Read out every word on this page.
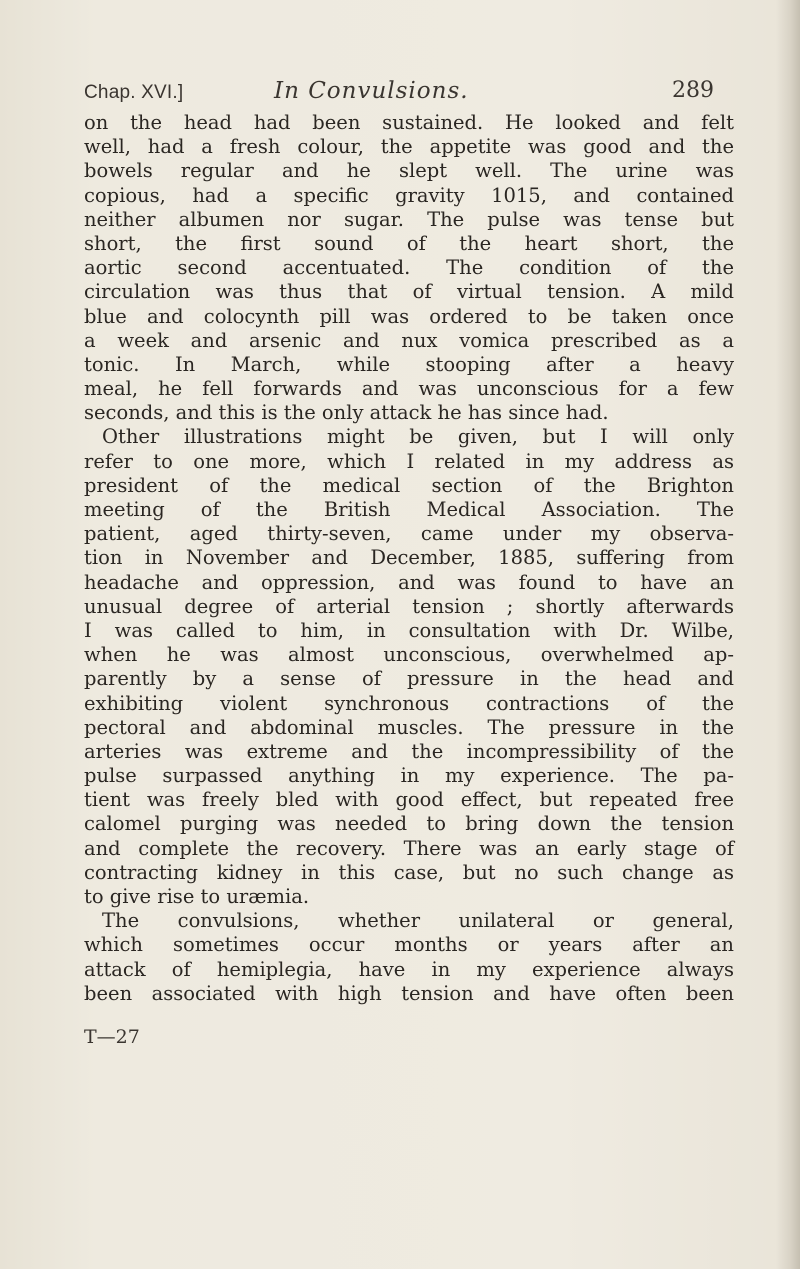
Chap. XVI.]	In Convulsions.	289
on the head had been sustained. He looked and felt
well, had a fresh colour, the appetite was good and the
bowels regular and he slept well. The urine was
copious, had a specific gravity 1015, and contained
neither albumen nor sugar. The pulse was tense but
short, the first sound of the heart short, the
aortic second accentuated. The condition of the
circulation was thus that of virtual tension. A mild
blue and colocynth pill was ordered to be taken once
a week and arsenic and nux vomica prescribed as a
tonic. In March, while stooping after a heavy
meal, he fell forwards and was unconscious for a few
seconds, and this is the only attack he has since had.
Other illustrations might be given, but I will only
refer to one more, which I related in my address as
president of the medical section of the Brighton
meeting of the British Medical Association. The
patient, aged thirty-seven, came under my observa-
tion in November and December, 1885, suffering from
headache and oppression, and was found to have an
unusual degree of arterial tension ; shortly afterwards
I was called to him, in consultation with Dr. Wilbe,
when he was almost unconscious, overwhelmed ap-
parently by a sense of pressure in the head and
exhibiting violent synchronous contractions of the
pectoral and abdominal muscles. The pressure in the
arteries was extreme and the incompressibility of the
pulse surpassed anything in my experience. The pa-
tient was freely bled with good effect, but repeated free
calomel purging was needed to bring down the tension
and complete the recovery. There was an early stage of
contracting kidney in this case, but no such change as
to give rise to uræmia.
The convulsions, whether unilateral or general,
which sometimes occur months or years after an
attack of hemiplegia, have in my experience always
been associated with high tension and have often been
T—27
